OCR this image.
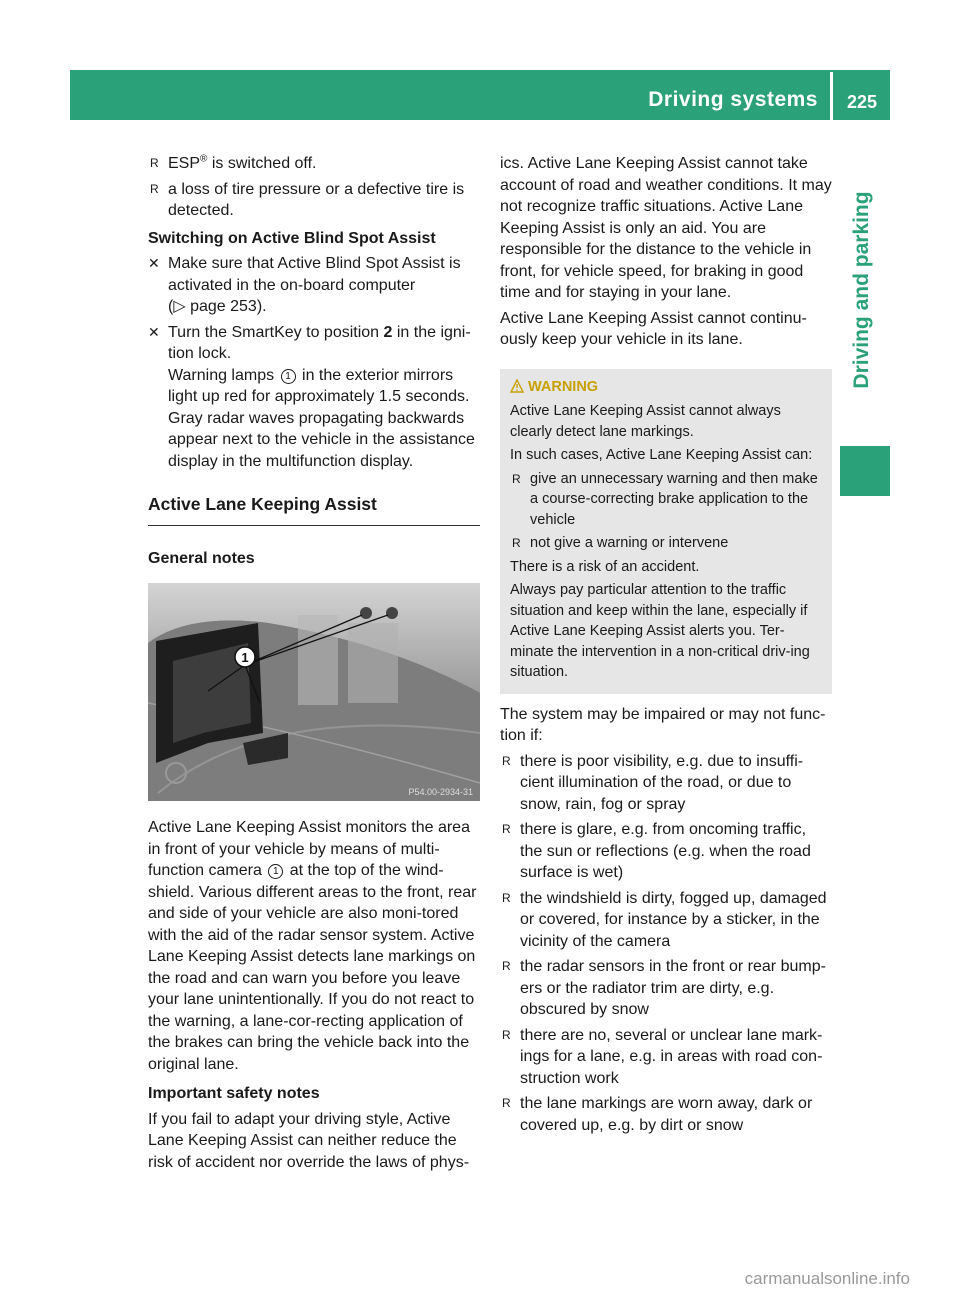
Driving systems	225
Driving and parking
R ESP® is switched off.
R a loss of tire pressure or a defective tire is detected.

Switching on Active Blind Spot Assist

✕ Make sure that Active Blind Spot Assist is activated in the on-board computer
(▷ page 253).
✕ Turn the SmartKey to position 2 in the igni-tion lock.
Warning lamps 1 in the exterior mirrors light up red for approximately 1.5 seconds. Gray radar waves propagating backwards appear next to the vehicle in the assistance display in the multifunction display.
Active Lane Keeping Assist

General notes

1
P54.00-2934-31

Active Lane Keeping Assist monitors the area in front of your vehicle by means of multi-function camera 1 at the top of the wind-shield. Various different areas to the front, rear and side of your vehicle are also moni-tored with the aid of the radar sensor system. Active Lane Keeping Assist detects lane markings on the road and can warn you before you leave your lane unintentionally. If you do not react to the warning, a lane-cor-recting application of the brakes can bring the vehicle back into the original lane.

Important safety notes

If you fail to adapt your driving style, Active Lane Keeping Assist can neither reduce the risk of accident nor override the laws of phys-

ics. Active Lane Keeping Assist cannot take account of road and weather conditions. It may not recognize traffic situations. Active Lane Keeping Assist is only an aid. You are responsible for the distance to the vehicle in front, for vehicle speed, for braking in good time and for staying in your lane.

Active Lane Keeping Assist cannot continu-ously keep your vehicle in its lane.

WARNING

Active Lane Keeping Assist cannot always clearly detect lane markings.

In such cases, Active Lane Keeping Assist can:

R give an unnecessary warning and then make a course-correcting brake application to the vehicle
R not give a warning or intervene

There is a risk of an accident.

Always pay particular attention to the traffic situation and keep within the lane, especially if Active Lane Keeping Assist alerts you. Ter-minate the intervention in a non-critical driv-ing situation.

The system may be impaired or may not func-tion if:

R there is poor visibility, e.g. due to insuffi-cient illumination of the road, or due to snow, rain, fog or spray
R there is glare, e.g. from oncoming traffic, the sun or reflections (e.g. when the road surface is wet)
R the windshield is dirty, fogged up, damaged or covered, for instance by a sticker, in the vicinity of the camera
R the radar sensors in the front or rear bump-ers or the radiator trim are dirty, e.g. obscured by snow
R there are no, several or unclear lane mark-ings for a lane, e.g. in areas with road con-struction work
R the lane markings are worn away, dark or covered up, e.g. by dirt or snow
carmanualsonline.info
